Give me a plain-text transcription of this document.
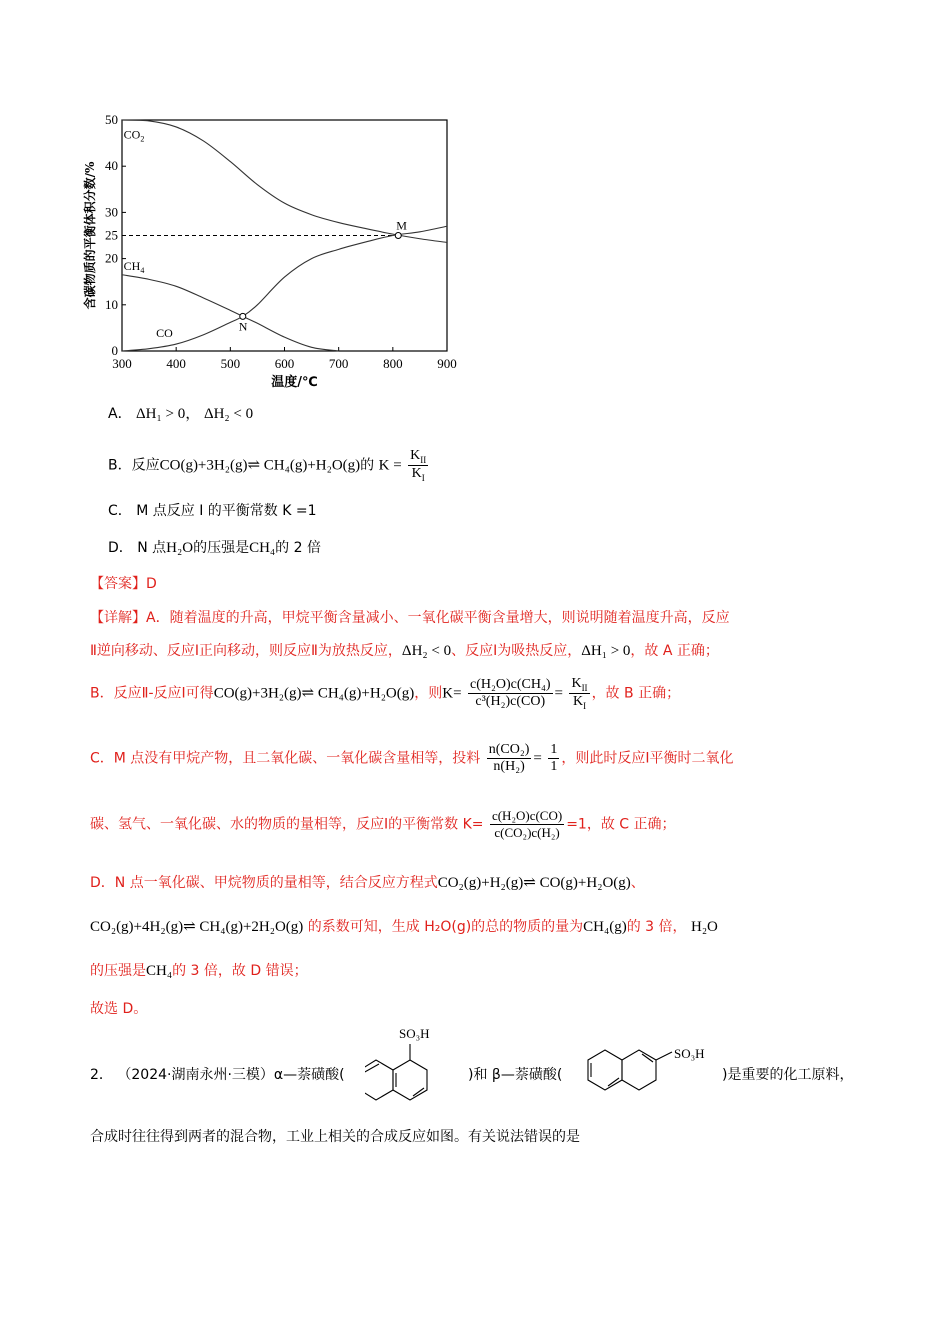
300	400	500	600	700	800	900
0
10
20
25
30
40
50
温度/℃
含碳物质的平衡体积分数/%
$CO_2$
$CH_4$
CO
M
N
A． ΔH₁ > 0， ΔH₂ < 0
B．反应CO(g)+3H₂(g)⇌ CH₄(g)+H₂O(g)的 $K = \frac{K_{II}}{K_I}$
C． M 点反应 I 的平衡常数 K =1
D． N 点H₂O的压强是CH₄的 2 倍
【答案】D
【详解】A．随着温度的升高，甲烷平衡含量减小、一氧化碳平衡含量增大，则说明随着温度升高，反应
Ⅱ逆向移动、反应Ⅰ正向移动，则反应Ⅱ为放热反应，ΔH₂ < 0、反应Ⅰ为吸热反应，ΔH₁ > 0，故 A 正确；
B．反应Ⅱ-反应Ⅰ可得CO(g)+3H₂(g)⇌ CH₄(g)+H₂O(g)，则$K= \frac{\text{c(H₂O)c(CH₄)}}{\text{c³(H₂)c(CO)}} = \frac{K_{II}}{K_I}$ ，故 B 正确；
C．M 点没有甲烷产物，且二氧化碳、一氧化碳含量相等，投料 $\frac{\text{n(CO₂)}}{\text{n(H₂)}} = \frac{1}{1}$ ，则此时反应Ⅰ平衡时二氧化
碳、氢气、一氧化碳、水的物质的量相等，反应Ⅰ的平衡常数 $K= \frac{\text{c(H₂O)c(CO)}}{\text{c(CO₂)c(H₂)}} =1$，故 C 正确；
D．N 点一氧化碳、甲烷物质的量相等，结合反应方程式CO₂(g)+H₂(g)⇌ CO(g)+H₂O(g)、
CO₂(g)+4H₂(g)⇌ CH₄(g)+2H₂O(g) 的系数可知，生成 H₂O(g)的总的物质的量为CH₄(g)的 3 倍， H₂O
的压强是CH₄的 3 倍，故 D 错误；
故选 D。
2． （2024·湖南永州·三模）α—萘磺酸(
SO₃H
)和 β—萘磺酸(
SO₃H
)是重要的化工原料，
合成时往往得到两者的混合物，工业上相关的合成反应如图。有关说法错误的是
